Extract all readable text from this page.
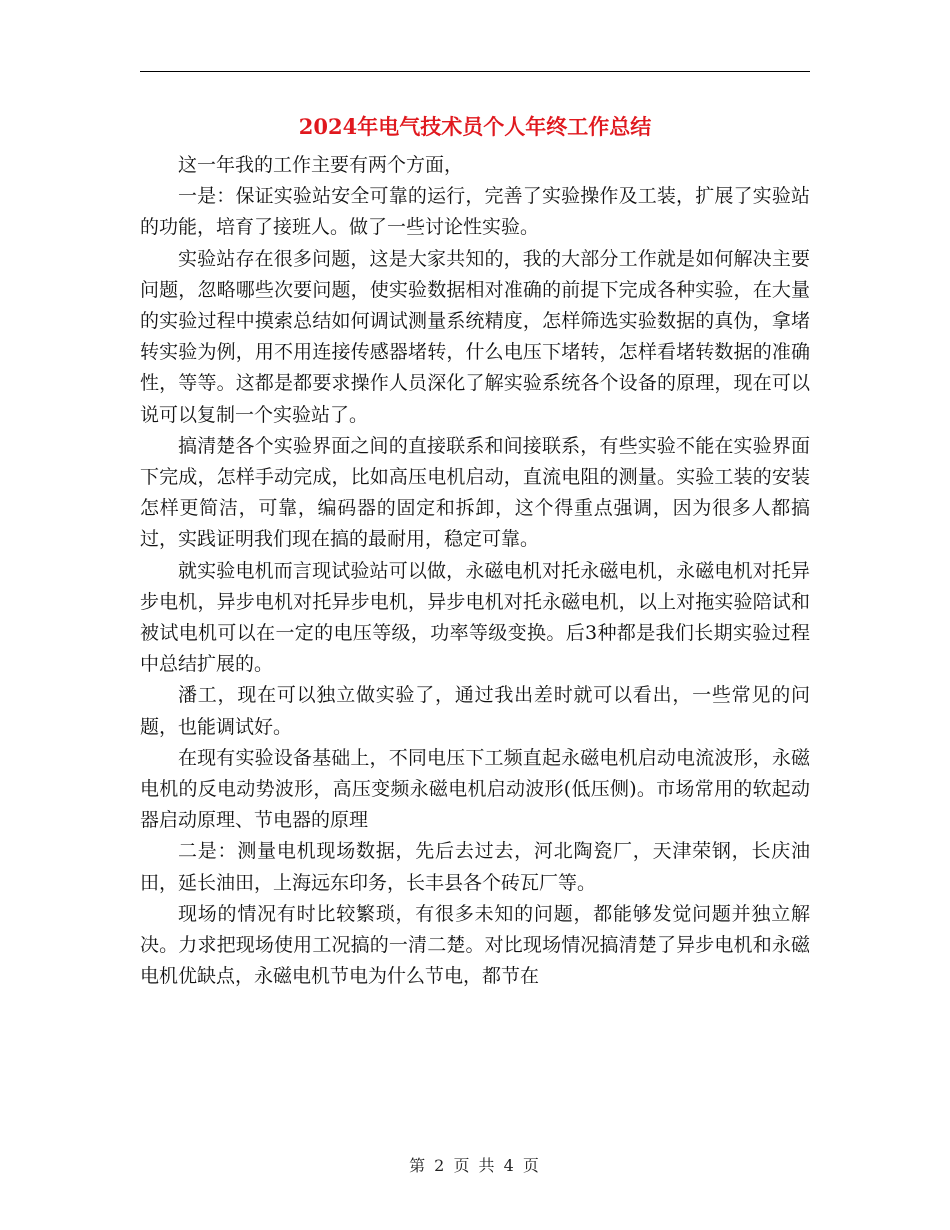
2024年电气技术员个人年终工作总结

这一年我的工作主要有两个方面，

一是：保证实验站安全可靠的运行，完善了实验操作及工装，扩展了实验站的功能，培育了接班人。做了一些讨论性实验。

实验站存在很多问题，这是大家共知的，我的大部分工作就是如何解决主要问题，忽略哪些次要问题，使实验数据相对准确的前提下完成各种实验，在大量的实验过程中摸索总结如何调试测量系统精度，怎样筛选实验数据的真伪，拿堵转实验为例，用不用连接传感器堵转，什么电压下堵转，怎样看堵转数据的准确性，等等。这都是都要求操作人员深化了解实验系统各个设备的原理，现在可以说可以复制一个实验站了。

搞清楚各个实验界面之间的直接联系和间接联系，有些实验不能在实验界面下完成，怎样手动完成，比如高压电机启动，直流电阻的测量。实验工装的安装怎样更简洁，可靠，编码器的固定和拆卸，这个得重点强调，因为很多人都搞过，实践证明我们现在搞的最耐用，稳定可靠。

就实验电机而言现试验站可以做，永磁电机对托永磁电机，永磁电机对托异步电机，异步电机对托异步电机，异步电机对托永磁电机，以上对拖实验陪试和被试电机可以在一定的电压等级，功率等级变换。后3种都是我们长期实验过程中总结扩展的。

潘工，现在可以独立做实验了，通过我出差时就可以看出，一些常见的问题，也能调试好。

在现有实验设备基础上，不同电压下工频直起永磁电机启动电流波形，永磁电机的反电动势波形，高压变频永磁电机启动波形(低压侧)。市场常用的软起动器启动原理、节电器的原理

二是：测量电机现场数据，先后去过去，河北陶瓷厂，天津荣钢，长庆油田，延长油田，上海远东印务，长丰县各个砖瓦厂等。

现场的情况有时比较繁琐，有很多未知的问题，都能够发觉问题并独立解决。力求把现场使用工况搞的一清二楚。对比现场情况搞清楚了异步电机和永磁电机优缺点，永磁电机节电为什么节电，都节在

第 2 页 共 4 页
